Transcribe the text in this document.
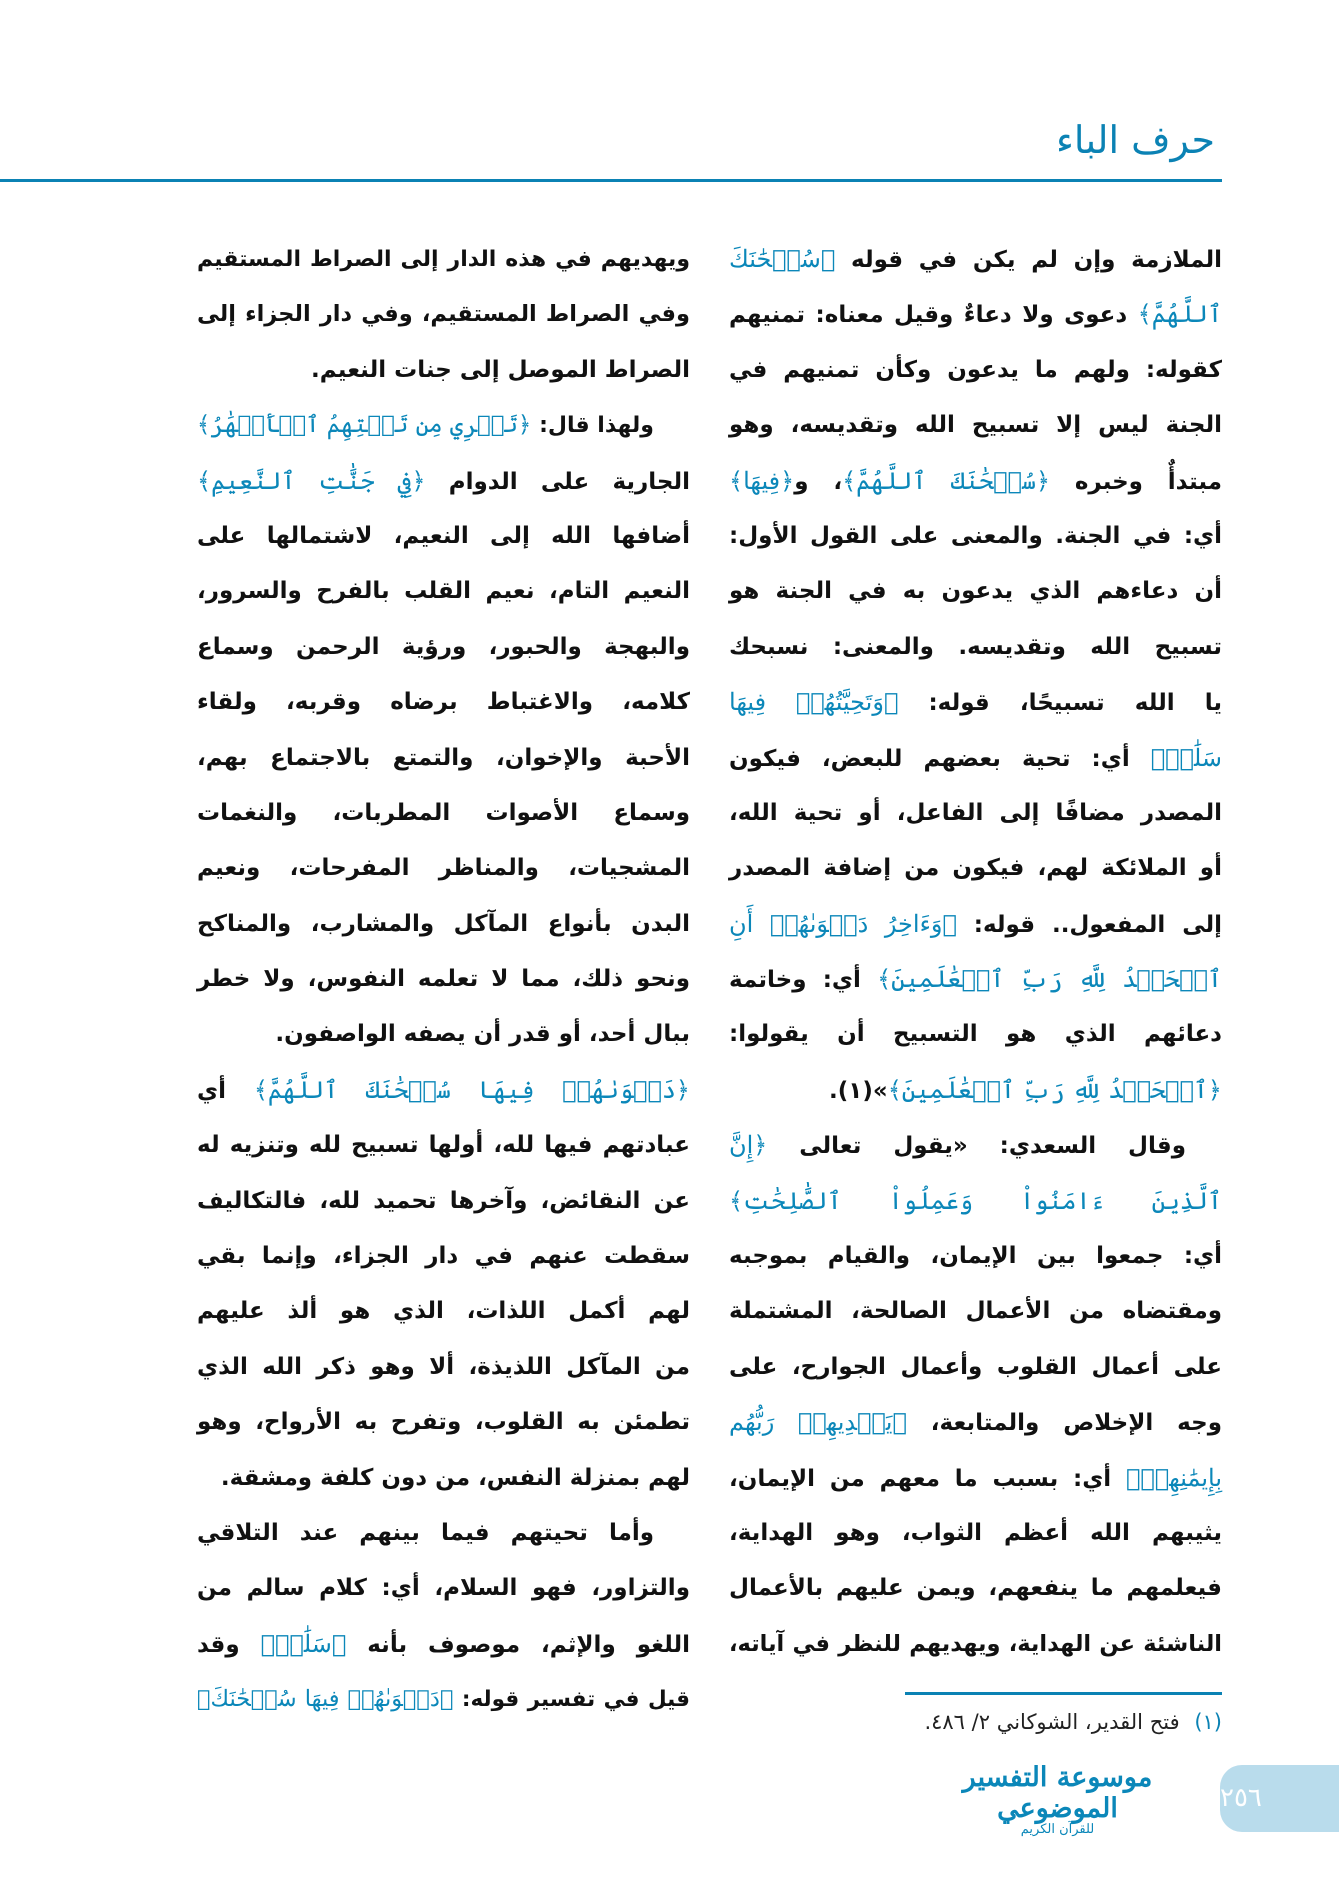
حرف الباء
الملازمة وإن لم يكن في قوله ﴿سُبۡحَٰنَكَ
ٱللَّهُمَّ﴾ دعوى ولا دعاءٌ وقيل معناه: تمنيهم
كقوله: ولهم ما يدعون وكأن تمنيهم في
الجنة ليس إلا تسبيح الله وتقديسه، وهو
مبتدأٌ وخبره ﴿سُبۡحَٰنَكَ ٱللَّهُمَّ﴾، و﴿فِيهَا﴾
أي: في الجنة. والمعنى على القول الأول:
أن دعاءهم الذي يدعون به في الجنة هو
تسبيح الله وتقديسه. والمعنى: نسبحك
يا الله تسبيحًا، قوله: ﴿وَتَحِيَّتُهُمۡ فِيهَا
سَلَٰمٞ﴾ أي: تحية بعضهم للبعض، فيكون
المصدر مضافًا إلى الفاعل، أو تحية الله،
أو الملائكة لهم، فيكون من إضافة المصدر
إلى المفعول.. قوله: ﴿وَءَاخِرُ دَعۡوَىٰهُمۡ أَنِ
ٱلۡحَمۡدُ لِلَّهِ رَبِّ ٱلۡعَٰلَمِينَ﴾ أي: وخاتمة
دعائهم الذي هو التسبيح أن يقولوا:
﴿ٱلۡحَمۡدُ لِلَّهِ رَبِّ ٱلۡعَٰلَمِينَ﴾»(١).
وقال السعدي: «يقول تعالى ﴿إِنَّ
ٱلَّذِينَ ءَامَنُواْ وَعَمِلُواْ ٱلصَّٰلِحَٰتِ﴾
أي: جمعوا بين الإيمان، والقيام بموجبه
ومقتضاه من الأعمال الصالحة، المشتملة
على أعمال القلوب وأعمال الجوارح، على
وجه الإخلاص والمتابعة، ﴿يَهۡدِيهِمۡ رَبُّهُم
بِإِيمَٰنِهِمۡ﴾ أي: بسبب ما معهم من الإيمان،
يثيبهم الله أعظم الثواب، وهو الهداية،
فيعلمهم ما ينفعهم، ويمن عليهم بالأعمال
الناشئة عن الهداية، ويهديهم للنظر في آياته،
ويهديهم في هذه الدار إلى الصراط المستقيم
وفي الصراط المستقيم، وفي دار الجزاء إلى
الصراط الموصل إلى جنات النعيم.
ولهذا قال: ﴿تَجۡرِي مِن تَحۡتِهِمُ ٱلۡأَنۡهَٰرُ﴾
الجارية على الدوام ﴿فِي جَنَّٰتِ ٱلنَّعِيمِ﴾
أضافها الله إلى النعيم، لاشتمالها على
النعيم التام، نعيم القلب بالفرح والسرور،
والبهجة والحبور، ورؤية الرحمن وسماع
كلامه، والاغتباط برضاه وقربه، ولقاء
الأحبة والإخوان، والتمتع بالاجتماع بهم،
وسماع الأصوات المطربات، والنغمات
المشجيات، والمناظر المفرحات، ونعيم
البدن بأنواع المآكل والمشارب، والمناكح
ونحو ذلك، مما لا تعلمه النفوس، ولا خطر
ببال أحد، أو قدر أن يصفه الواصفون.
﴿دَعۡوَىٰهُمۡ فِيهَا سُبۡحَٰنَكَ ٱللَّهُمَّ﴾ أي
عبادتهم فيها لله، أولها تسبيح لله وتنزيه له
عن النقائض، وآخرها تحميد لله، فالتكاليف
سقطت عنهم في دار الجزاء، وإنما بقي
لهم أكمل اللذات، الذي هو ألذ عليهم
من المآكل اللذيذة، ألا وهو ذكر الله الذي
تطمئن به القلوب، وتفرح به الأرواح، وهو
لهم بمنزلة النفس، من دون كلفة ومشقة.
وأما تحيتهم فيما بينهم عند التلاقي
والتزاور، فهو السلام، أي: كلام سالم من
اللغو والإثم، موصوف بأنه ﴿سَلَٰمٞ﴾ وقد
قيل في تفسير قوله: ﴿دَعۡوَىٰهُمۡ فِيهَا سُبۡحَٰنَكَ﴾
(١) فتح القدير، الشوكاني ٢/ ٤٨٦.
موسوعة التفسير الموضوعي
للقرآن الكريم
٢٥٦
